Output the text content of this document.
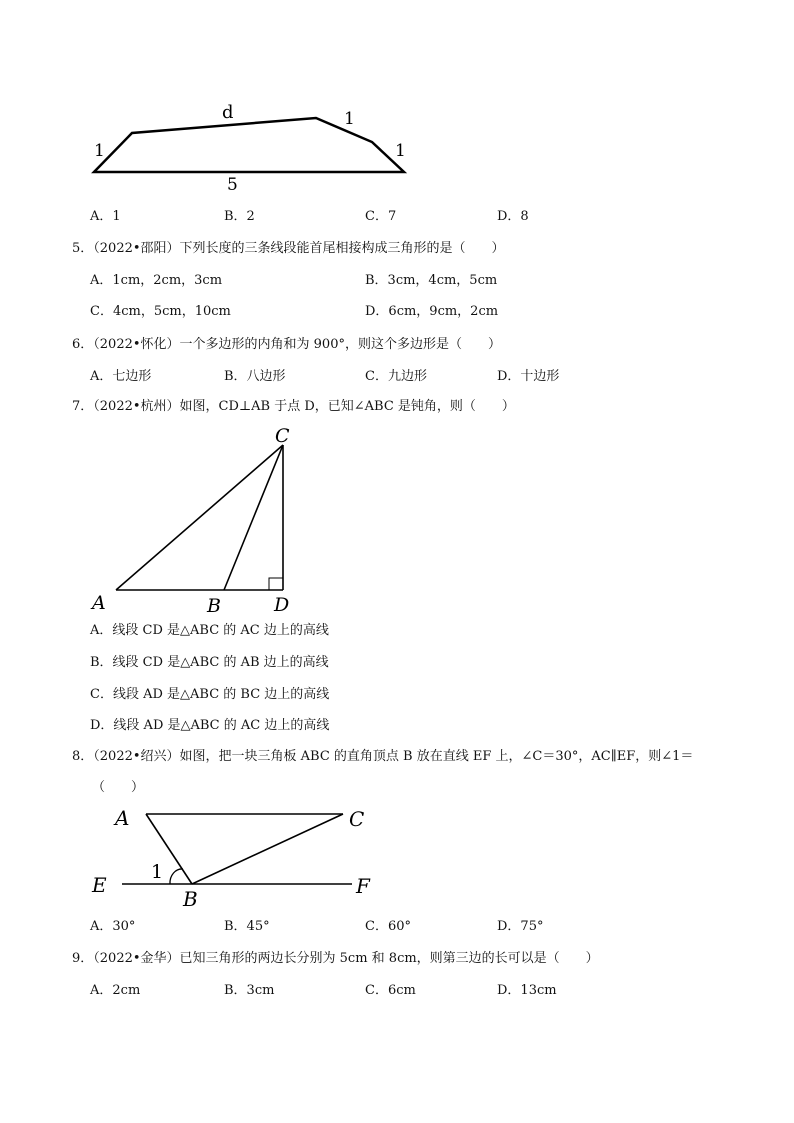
d	1
1	1
5
A．1	B．2	C．7	D．8
5．（2022•邵阳）下列长度的三条线段能首尾相接构成三角形的是（　　）
A．1cm，2cm，3cm	B．3cm，4cm，5cm
C．4cm，5cm，10cm	D．6cm，9cm，2cm
6．（2022•怀化）一个多边形的内角和为 900°，则这个多边形是（　　）
A．七边形	B．八边形	C．九边形	D．十边形
7．（2022•杭州）如图，CD⊥AB 于点 D，已知∠ABC 是钝角，则（　　）
A	B
C
D
A．线段 CD 是△ABC 的 AC 边上的高线
B．线段 CD 是△ABC 的 AB 边上的高线
C．线段 AD 是△ABC 的 BC 边上的高线
D．线段 AD 是△ABC 的 AC 边上的高线
8．（2022•绍兴）如图，把一块三角板 ABC 的直角顶点 B 放在直线 EF 上，∠C＝30°，AC∥EF，则∠1＝
（　　）
A	C
E	F
B
1
A．30°	B．45°	C．60°	D．75°
9．（2022•金华）已知三角形的两边长分别为 5cm 和 8cm，则第三边的长可以是（　　）
A．2cm	B．3cm	C．6cm	D．13cm
